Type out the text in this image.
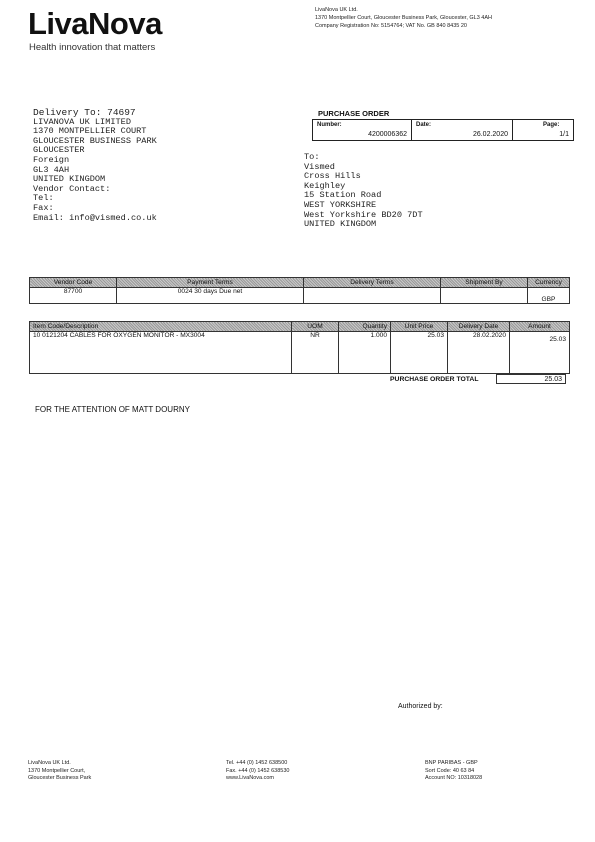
LivaNova
Health innovation that matters
LivaNova UK Ltd.
1370 Montpellier Court, Gloucester Business Park, Gloucester, GL3 4AH
Company Registration No: 5154764; VAT No. GB 840 8435 20
Delivery To: 74697
LIVANOVA UK LIMITED
1370 MONTPELLIER COURT
GLOUCESTER BUSINESS PARK
GLOUCESTER
Foreign
GL3 4AH
UNITED KINGDOM
Vendor Contact:
Tel:
Fax:
Email: info@vismed.co.uk
PURCHASE ORDER
Number:
4200006362
Date:
26.02.2020
Page:
1/1
To:
Vismed
Cross Hills
Keighley
15 Station Road
WEST YORKSHIRE
West Yorkshire BD20 7DT
UNITED KINGDOM
Vendor Code	Payment Terms	Delivery Terms	Shipment By	Currency
87700	0024 30 days Due net			GBP
Item Code/Description	UOM	Quantity	Unit Price	Delivery Date	Amount
10 0121204 CABLES FOR OXYGEN MONITOR - MX3004	NR	1.000	25.03	28.02.2020	25.03
PURCHASE ORDER TOTAL	25.03
FOR THE ATTENTION OF MATT DOURNY
Authorized by:
LivaNova UK Ltd.
1370 Montpellier Court,
Gloucester Business Park
Tel. +44 (0) 1452 638500
Fax. +44 (0) 1452 638530
www.LivaNova.com
BNP PARIBAS - GBP
Sort Code: 40 63 84
Account NO: 10318028
